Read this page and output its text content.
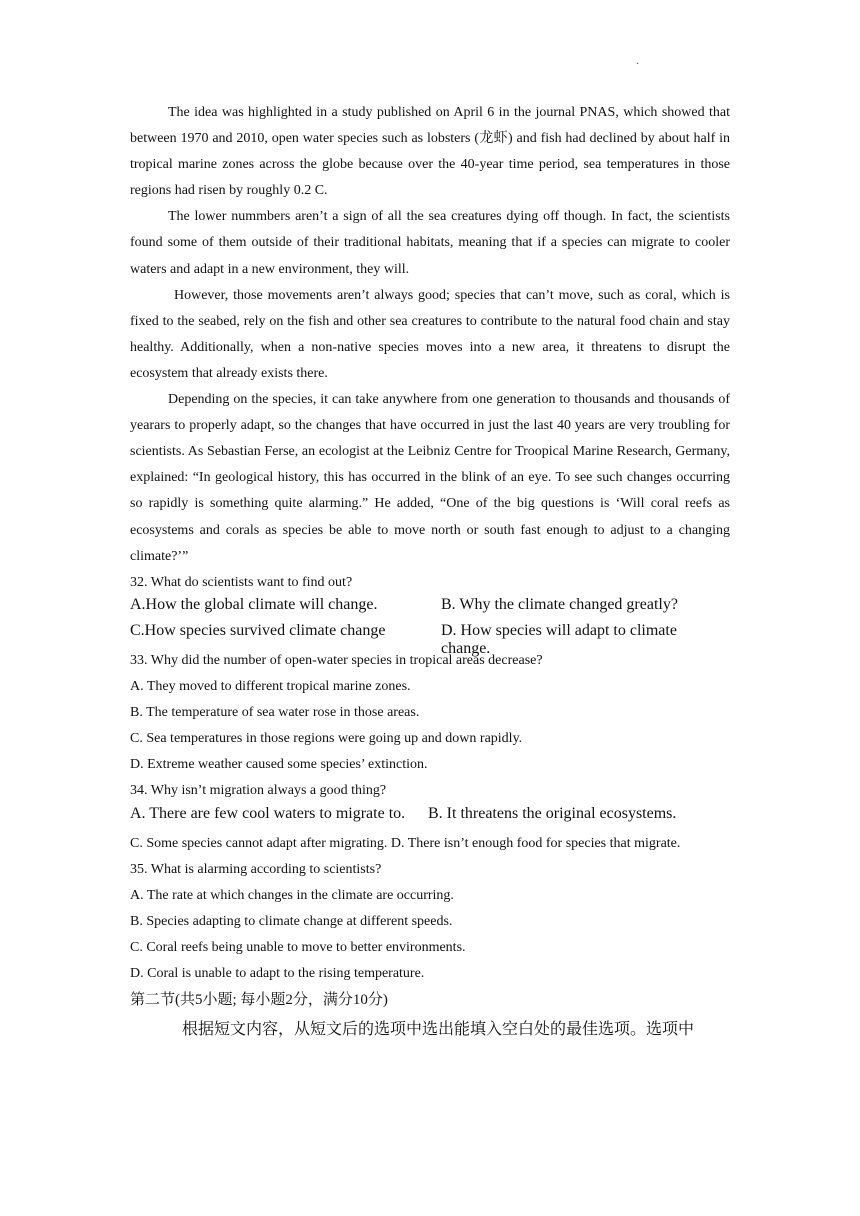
.

The idea was highlighted in a study published on April 6 in the journal PNAS, which showed that between 1970 and 2010, open water species such as lobsters (龙虾) and fish had declined by about half in tropical marine zones across the globe because over the 40-year time period, sea temperatures in those regions had risen by roughly 0.2 C.

The lower nummbers aren’t a sign of all the sea creatures dying off though. In fact, the scientists found some of them outside of their traditional habitats, meaning that if a species can migrate to cooler waters and adapt in a new environment, they will.

However, those movements aren’t always good; species that can’t move, such as coral, which is fixed to the seabed, rely on the fish and other sea creatures to contribute to the natural food chain and stay healthy. Additionally, when a non-native species moves into a new area, it threatens to disrupt the ecosystem that already exists there.

Depending on the species, it can take anywhere from one generation to thousands and thousands of yearars to properly adapt, so the changes that have occurred in just the last 40 years are very troubling for scientists. As Sebastian Ferse, an ecologist at the Leibniz Centre for Troopical Marine Research, Germany, explained: “In geological history, this has occurred in the blink of an eye. To see such changes occurring so rapidly is something quite alarming.” He added, “One of the big questions is ‘Will coral reefs as ecosystems and corals as species be able to move north or south fast enough to adjust to a changing climate?’”

32. What do scientists want to find out?

A.How the global climate will change.	B. Why the climate changed greatly?
C.How species survived climate change	D. How species will adapt to climate change.

33. Why did the number of open-water species in tropical areas decrease?

A. They moved to different tropical marine zones.

B. The temperature of sea water rose in those areas.

C. Sea temperatures in those regions were going up and down rapidly.

D. Extreme weather caused some species’ extinction.

34. Why isn’t migration always a good thing?

A. There are few cool waters to migrate to. B. It threatens the original ecosystems.

C. Some species cannot adapt after migrating. D. There isn’t enough food for species that migrate.

35. What is alarming according to scientists?

A. The rate at which changes in the climate are occurring.

B. Species adapting to climate change at different speeds.

C. Coral reefs being unable to move to better environments.

D. Coral is unable to adapt to the rising temperature.

第二节(共5小题; 每小题2分，满分10分)

根据短文内容，从短文后的选项中选出能填入空白处的最佳选项。选项中
